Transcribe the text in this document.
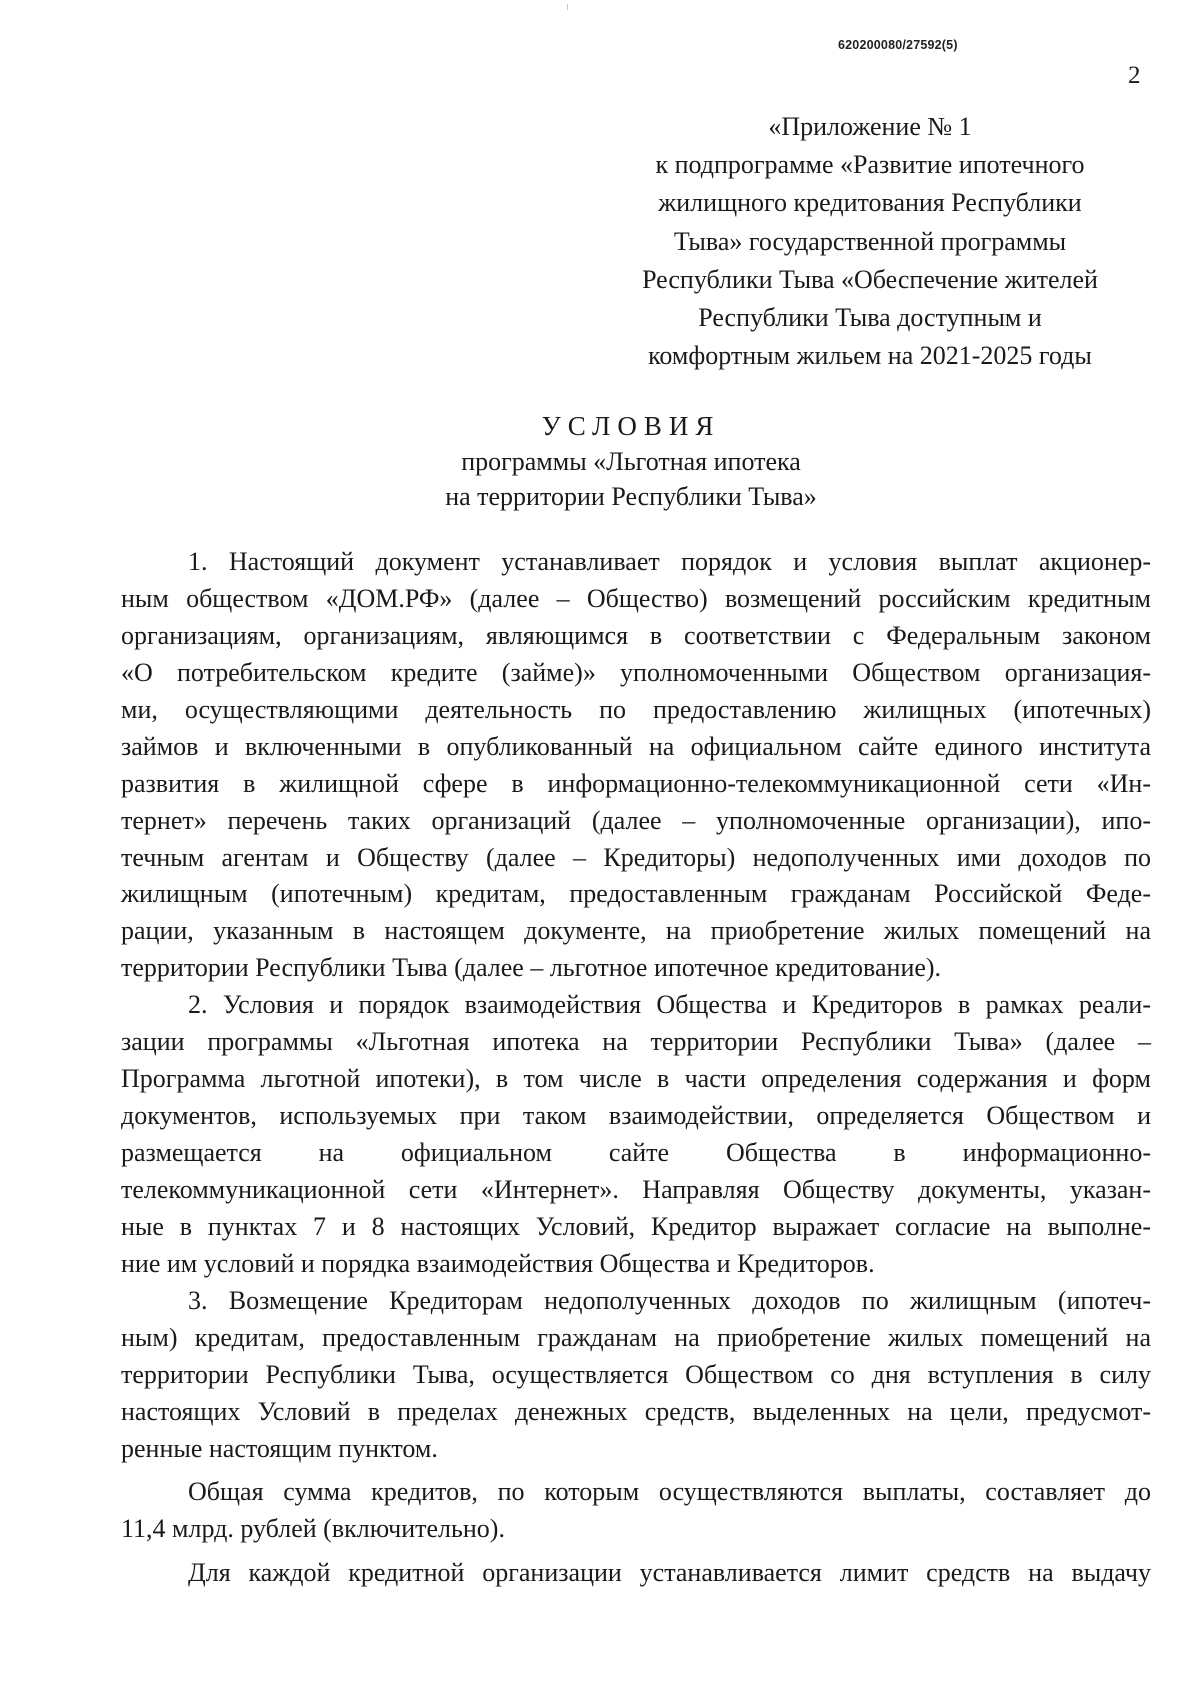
620200080/27592(5)
2
«Приложение № 1
к подпрограмме «Развитие ипотечного
жилищного кредитования Республики
Тыва» государственной программы
Республики Тыва «Обеспечение жителей
Республики Тыва доступным и
комфортным жильем на 2021-2025 годы
УСЛОВИЯ
программы «Льготная ипотека
на территории Республики Тыва»
1. Настоящий документ устанавливает порядок и условия выплат акционер-
ным обществом «ДОМ.РФ» (далее – Общество) возмещений российским кредитным
организациям, организациям, являющимся в соответствии с Федеральным законом
«О потребительском кредите (займе)» уполномоченными Обществом организация-
ми, осуществляющими деятельность по предоставлению жилищных (ипотечных)
займов и включенными в опубликованный на официальном сайте единого института
развития в жилищной сфере в информационно-телекоммуникационной сети «Ин-
тернет» перечень таких организаций (далее – уполномоченные организации), ипо-
течным агентам и Обществу (далее – Кредиторы) недополученных ими доходов по
жилищным (ипотечным) кредитам, предоставленным гражданам Российской Феде-
рации, указанным в настоящем документе, на приобретение жилых помещений на
территории Республики Тыва (далее – льготное ипотечное кредитование).
2. Условия и порядок взаимодействия Общества и Кредиторов в рамках реали-
зации программы «Льготная ипотека на территории Республики Тыва» (далее –
Программа льготной ипотеки), в том числе в части определения содержания и форм
документов, используемых при таком взаимодействии, определяется Обществом и
размещается на официальном сайте Общества в информационно-
телекоммуникационной сети «Интернет». Направляя Обществу документы, указан-
ные в пунктах 7 и 8 настоящих Условий, Кредитор выражает согласие на выполне-
ние им условий и порядка взаимодействия Общества и Кредиторов.
3. Возмещение Кредиторам недополученных доходов по жилищным (ипотеч-
ным) кредитам, предоставленным гражданам на приобретение жилых помещений на
территории Республики Тыва, осуществляется Обществом со дня вступления в силу
настоящих Условий в пределах денежных средств, выделенных на цели, предусмот-
ренные настоящим пунктом.
Общая сумма кредитов, по которым осуществляются выплаты, составляет до
11,4 млрд. рублей (включительно).
Для каждой кредитной организации устанавливается лимит средств на выдачу
